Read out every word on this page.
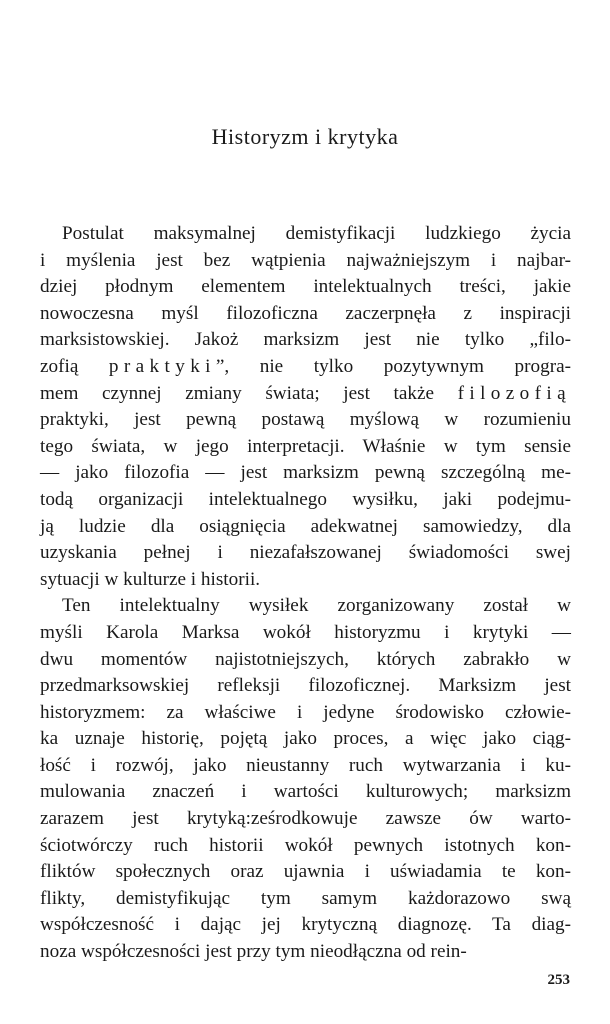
Historyzm i krytyka
Postulat maksymalnej demistyfikacji ludzkiego życia
i myślenia jest bez wątpienia najważniejszym i najbar-
dziej płodnym elementem intelektualnych treści, jakie
nowoczesna myśl filozoficzna zaczerpnęła z inspiracji
marksistowskiej. Jakoż marksizm jest nie tylko „filo-
zofią praktyki”, nie tylko pozytywnym progra-
mem czynnej zmiany świata; jest także filozofią
praktyki, jest pewną postawą myślową w rozumieniu
tego świata, w jego interpretacji. Właśnie w tym sensie
— jako filozofia — jest marksizm pewną szczególną me-
todą organizacji intelektualnego wysiłku, jaki podejmu-
ją ludzie dla osiągnięcia adekwatnej samowiedzy, dla
uzyskania pełnej i niezafałszowanej świadomości swej
sytuacji w kulturze i historii.
Ten intelektualny wysiłek zorganizowany został w
myśli Karola Marksa wokół historyzmu i krytyki —
dwu momentów najistotniejszych, których zabrakło w
przedmarksowskiej refleksji filozoficznej. Marksizm jest
historyzmem: za właściwe i jedyne środowisko człowie-
ka uznaje historię, pojętą jako proces, a więc jako ciąg-
łość i rozwój, jako nieustanny ruch wytwarzania i ku-
mulowania znaczeń i wartości kulturowych; marksizm
zarazem jest krytyką:ześrodkowuje zawsze ów warto-
ściotwórczy ruch historii wokół pewnych istotnych kon-
fliktów społecznych oraz ujawnia i uświadamia te kon-
flikty, demistyfikując tym samym każdorazowo swą
współczesność i dając jej krytyczną diagnozę. Ta diag-
noza współczesności jest przy tym nieodłączna od rein-
253
